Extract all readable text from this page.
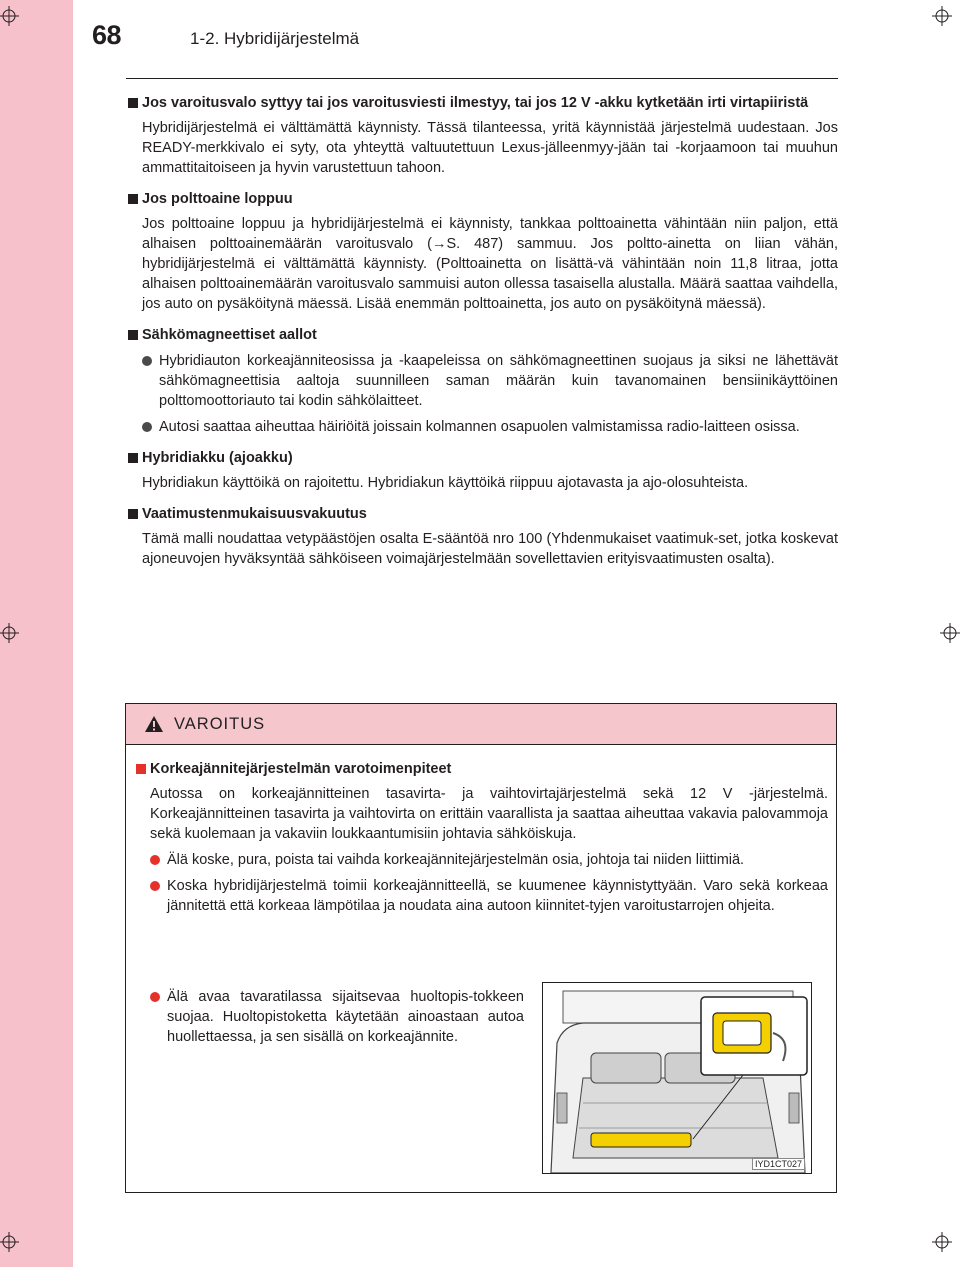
68	1-2. Hybridijärjestelmä
Jos varoitusvalo syttyy tai jos varoitusviesti ilmestyy, tai jos 12 V -akku kytketään irti virtapiiristä
Hybridijärjestelmä ei välttämättä käynnisty. Tässä tilanteessa, yritä käynnistää järjestelmä uudestaan. Jos READY-merkkivalo ei syty, ota yhteyttä valtuutettuun Lexus-jälleenmyy-jään tai -korjaamoon tai muuhun ammattitaitoiseen ja hyvin varustettuun tahoon.
Jos polttoaine loppuu
Jos polttoaine loppuu ja hybridijärjestelmä ei käynnisty, tankkaa polttoainetta vähintään niin paljon, että alhaisen polttoainemäärän varoitusvalo (→S. 487) sammuu. Jos poltto-ainetta on liian vähän, hybridijärjestelmä ei välttämättä käynnisty. (Polttoainetta on lisättä-vä vähintään noin 11,8 litraa, jotta alhaisen polttoainemäärän varoitusvalo sammuisi auton ollessa tasaisella alustalla. Määrä saattaa vaihdella, jos auto on pysäköitynä mäessä. Lisää enemmän polttoainetta, jos auto on pysäköitynä mäessä).
Sähkömagneettiset aallot
Hybridiauton korkeajänniteosissa ja -kaapeleissa on sähkömagneettinen suojaus ja siksi ne lähettävät sähkömagneettisia aaltoja suunnilleen saman määrän kuin tavanomainen bensiinikäyttöinen polttomoottoriauto tai kodin sähkölaitteet.
Autosi saattaa aiheuttaa häiriöitä joissain kolmannen osapuolen valmistamissa radio-laitteen osissa.
Hybridiakku (ajoakku)
Hybridiakun käyttöikä on rajoitettu. Hybridiakun käyttöikä riippuu ajotavasta ja ajo-olosuhteista.
Vaatimustenmukaisuusvakuutus
Tämä malli noudattaa vetypäästöjen osalta E-sääntöä nro 100 (Yhdenmukaiset vaatimuk-set, jotka koskevat ajoneuvojen hyväksyntää sähköiseen voimajärjestelmään sovellettavien erityisvaatimusten osalta).
VAROITUS
Korkeajännitejärjestelmän varotoimenpiteet
Autossa on korkeajännitteinen tasavirta- ja vaihtovirtajärjestelmä sekä 12 V -järjestelmä. Korkeajännitteinen tasavirta ja vaihtovirta on erittäin vaarallista ja saattaa aiheuttaa vakavia palovammoja sekä kuolemaan ja vakaviin loukkaantumisiin johtavia sähköiskuja.
Älä koske, pura, poista tai vaihda korkeajännitejärjestelmän osia, johtoja tai niiden liittimiä.
Koska hybridijärjestelmä toimii korkeajännitteellä, se kuumenee käynnistyttyään. Varo sekä korkeaa jännitettä että korkeaa lämpötilaa ja noudata aina autoon kiinnitet-tyjen varoitustarrojen ohjeita.
Älä avaa tavaratilassa sijaitsevaa huoltopis-tokkeen suojaa. Huoltopistoketta käytetään ainoastaan autoa huollettaessa, ja sen sisällä on korkeajännite.
IYD1CT027
